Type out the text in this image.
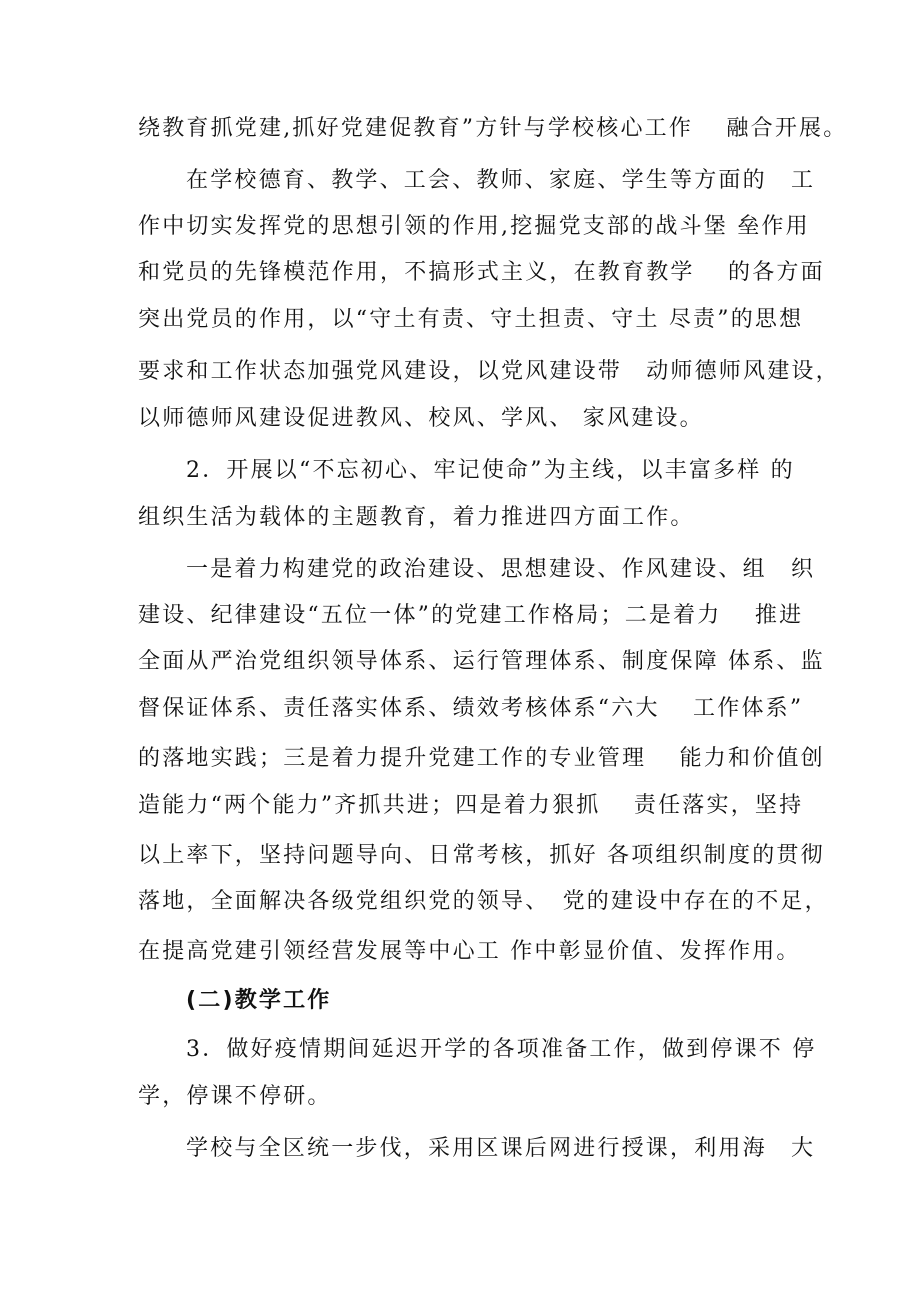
绕教育抓党建,抓好党建促教育”方针与学校核心工作　 融合开展。
在学校德育、教学、工会、教师、家庭、学生等方面的　工
作中切实发挥党的思想引领的作用,挖掘党支部的战斗堡 垒作用
和党员的先锋模范作用，不搞形式主义，在教育教学　 的各方面
突出党员的作用，以“守土有责、守土担责、守土 尽责”的思想
要求和工作状态加强党风建设，以党风建设带　动师德师风建设，
以师德师风建设促进教风、校风、学风、 家风建设。
2．开展以“不忘初心、牢记使命”为主线，以丰富多样 的
组织生活为载体的主题教育，着力推进四方面工作。
一是着力构建党的政治建设、思想建设、作风建设、组　织
建设、纪律建设“五位一体”的党建工作格局；二是着力　 推进
全面从严治党组织领导体系、运行管理体系、制度保障 体系、监
督保证体系、责任落实体系、绩效考核体系“六大　 工作体系”
的落地实践；三是着力提升党建工作的专业管理　 能力和价值创
造能力“两个能力”齐抓共进；四是着力狠抓　 责任落实，坚持
以上率下，坚持问题导向、日常考核，抓好 各项组织制度的贯彻
落地，全面解决各级党组织党的领导、　党的建设中存在的不足，
在提高党建引领经营发展等中心工 作中彰显价值、发挥作用。
(二)教学工作
3．做好疫情期间延迟开学的各项准备工作，做到停课不 停
学，停课不停研。
学校与全区统一步伐，采用区课后网进行授课，利用海　大
